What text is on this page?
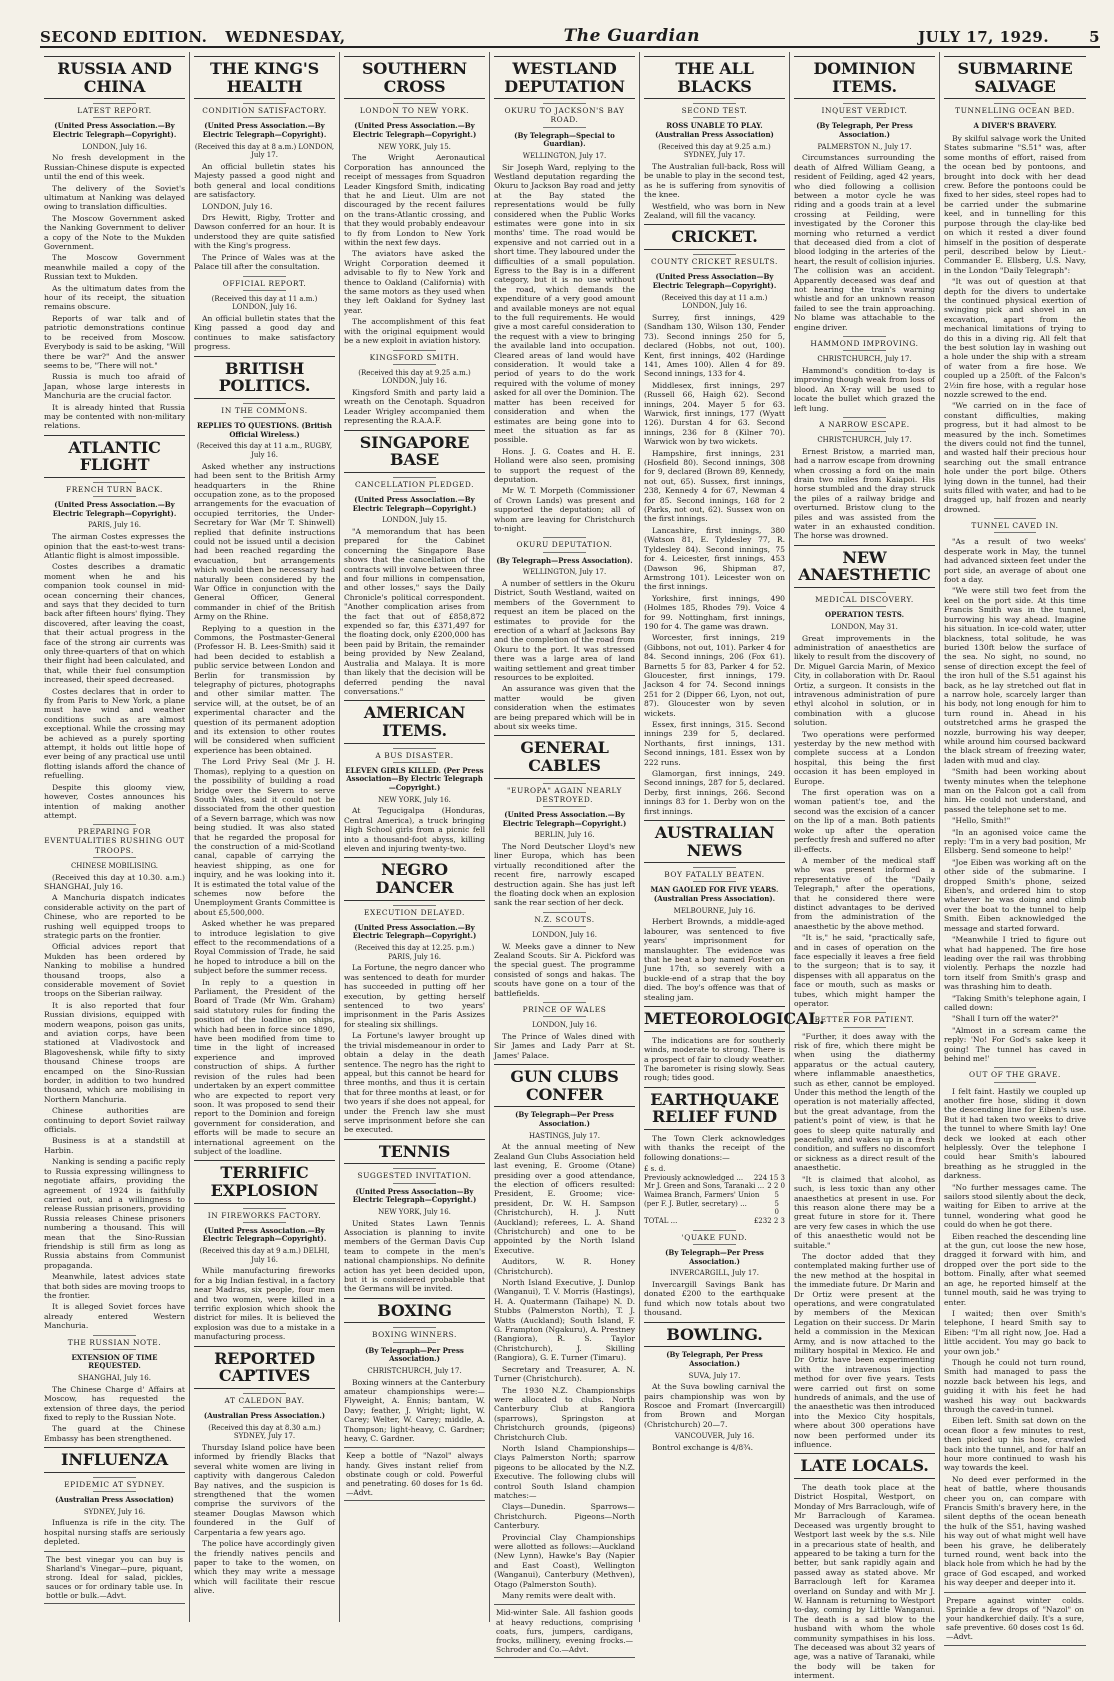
SECOND EDITION. WEDNESDAY,	The Guardian	JULY 17, 1929.	5
RUSSIA AND CHINA
LATEST REPORT.
(United Press Association.—By Electric Telegraph—Copyright).
LONDON, July 16.

No fresh development in the Russian-Chinese dispute is expected until the end of this week.

The delivery of the Soviet's ultimatum at Nanking was delayed owing to translation difficulties.

The Moscow Government asked the Nanking Government to deliver a copy of the Note to the Mukden Government.

The Moscow Government meanwhile mailed a copy of the Russian text to Mukden.

As the ultimatum dates from the hour of its receipt, the situation remains obscure.

Reports of war talk and of patriotic demonstrations continue to be received from Moscow. Everybody is said to be asking, "Will there be war?" And the answer seems to be, "There will not."

Russia is much too afraid of Japan, whose large interests in Manchuria are the crucial factor.

It is already hinted that Russia may be contented with non-military relations.

ATLANTIC FLIGHT
FRENCH TURN BACK.
(United Press Association.—By Electric Telegraph—Copyright).
PARIS, July 16.

The airman Costes expresses the opinion that the east-to-west trans-Atlantic flight is almost impossible.

Costes describes a dramatic moment when he and his companion took counsel in mid-ocean concerning their chances, and says that they decided to turn back after fifteen hours' flying. They discovered, after leaving the coast, that their actual progress in the face of the strong air currents was only three-quarters of that on which their flight had been calculated, and that, while their fuel consumption increased, their speed decreased.

Costes declares that in order to fly from Paris to New York, a plane must have wind and weather conditions such as are almost exceptional. While the crossing may be achieved as a purely sporting attempt, it holds out little hope of ever being of any practical use until flotting islands afford the chance of refuelling.

Despite this gloomy view, however, Costes announces his intention of making another attempt.

PREPARING FOR EVENTUALITIES RUSHING OUT TROOPS.
CHINESE MOBILISING.

(Received this day at 10.30. a.m.) SHANGHAI, July 16.

A Manchuria dispatch indicates considerable activity on the part of Chinese, who are reported to be rushing well equipped troops to strategic parts on the frontier.

Official advices report that Mukden has been ordered by Nanking to mobilise a hundred thousand troops, also a considerable movement of Soviet troops on the Siberian railway.

It is also reported that four Russian divisions, equipped with modern weapons, poison gas units, and aviation corps, have been stationed at Vladivostock and Blagoveshensk, while fifty to sixty thousand Chinese troops are encamped on the Sino-Russian border, in addition to two hundred thousand, which are mobilising in Northern Manchuria.

Chinese authorities are continuing to deport Soviet railway officials.

Business is at a standstill at Harbin.

Nanking is sending a pacific reply to Russia expressing willingness to negotiate affairs, providing the agreement of 1924 is faithfully carried out, and a willingness to release Russian prisoners, providing Russia releases Chinese prisoners numbering a thousand. This will mean that the Sino-Russian friendship is still firm as long as Russia abstains from Communist propaganda.

Meanwhile, latest advices state that both sides are moving troops to the frontier.

It is alleged Soviet forces have already entered Western Manchuria.

THE RUSSIAN NOTE.
EXTENSION OF TIME REQUESTED.
SHANGHAI, July 16.

The Chinese Charge d' Affairs at Moscow, has requested the extension of three days, the period fixed to reply to the Russian Note.

The guard at the Chinese Embassy has been strengthened.

INFLUENZA
EPIDEMIC AT SYDNEY.
(Australian Press Association)
SYDNEY, July 16.

Influenza is rife in the city. The hospital nursing staffs are seriously depleted.

The best vinegar you can buy is Sharland's Vinegar—pure, piquant, strong. Ideal for salad, pickles, sauces or for ordinary table use. In bottle or bulk.—Advt.
THE KING'S HEALTH
CONDITION SATISFACTORY.
(United Press Association.—By Electric Telegraph—Copyright).
(Received this day at 8 a.m.) LONDON, July 17.

An official bulletin states his Majesty passed a good night and both general and local conditions are satisfactory.

LONDON, July 16.

Drs Hewitt, Rigby, Trotter and Dawson conferred for an hour. It is understood they are quite satisfied with the King's progress.

The Prince of Wales was at the Palace till after the consultation.

OFFICIAL REPORT.
(Received this day at 11 a.m.) LONDON, July 16.

An official bulletin states that the King passed a good day and continues to make satisfactory progress.

BRITISH POLITICS.
IN THE COMMONS.
REPLIES TO QUESTIONS. (British Official Wireless.)
(Received this day at 11 a.m., RUGBY, July 16.

Asked whether any instructions had been sent to the British Army headquarters in the Rhine occupation zone, as to the proposed arrangements for the evacuation of occupied territories, the Under-Secretary for War (Mr T. Shinwell) replied that definite instructions could not be issued until a decision had been reached regarding the evacuation, but arrangements which would then be necessary had naturally been considered by the War Office in conjunction with the General Officer, General commander in chief of the British Army on the Rhine.

Replying to a question in the Commons, the Postmaster-General (Professor H. B. Lees-Smith) said it had been decided to establish a public service between London and Berlin for transmission by telegraphy of pictures, photographs and other similar matter. The service will, at the outset, be of an experimental character and the question of its permanent adoption and its extension to other routes will be considered when sufficient experience has been obtained.

The Lord Privy Seal (Mr J. H. Thomas), replying to a question on the possibility of building a road bridge over the Severn to serve South Wales, said it could not be dissociated from the other question of a Severn barrage, which was now being studied. It was also stated that he regarded the proposal for the construction of a mid-Scotland canal, capable of carrying the heaviest shipping, as one for inquiry, and he was looking into it. It is estimated the total value of the schemes now before the Unemployment Grants Committee is about £5,500,000.

Asked whether he was prepared to introduce legislation to give effect to the recommendations of a Royal Commission of Trade, he said he hoped to introduce a bill on the subject before the summer recess.

In reply to a question in Parliament, the President of the Board of Trade (Mr Wm. Graham) said statutory rules for finding the position of the loadline on ships, which had been in force since 1890, have been modified from time to time in the light of increased experience and improved construction of ships. A further revision of the rules had been undertaken by an expert committee who are expected to report very soon. It was proposed to send their report to the Dominion and foreign government for consideration, and efforts will be made to secure an international agreement on the subject of the loadline.

TERRIFIC EXPLOSION
IN FIREWORKS FACTORY.
(United Press Association.—By Electric Telegraph—Copyright).
(Received this day at 9 a.m.) DELHI, July 16.

While manufacturing fireworks for a big Indian festival, in a factory near Madras, six people, four men and two women, were killed in a terrific explosion which shook the district for miles. It is believed the explosion was due to a mistake in a manufacturing process.

REPORTED CAPTIVES
AT CALEDON BAY.
(Australian Press Association.)
(Received this day at 8.30 a.m.) SYDNEY, July 17.

Thursday Island police have been informed by friendly Blacks that several white women are living in captivity with dangerous Caledon Bay natives, and the suspicion is strengthened that the women comprise the survivors of the steamer Douglas Mawson which foundered in the Gulf of Carpentaria a few years ago.

The police have accordingly given the friendly natives pencils and paper to take to the women, on which they may write a message which will facilitate their rescue alive.

SOUTHERN CROSS
LONDON TO NEW YORK.
(United Press Association.—By Electric Telegraph—Copyright.)
NEW YORK, July 15.

The Wright Aeronautical Corporation has announced the receipt of messages from Squadron Leader Kingsford Smith, indicating that he and Lieut. Ulm are not discouraged by the recent failures on the trans-Atlantic crossing, and that they would probably endeavour to fly from London to New York within the next few days.

The aviators have asked the Wright Corporation deemed it advisable to fly to New York and thence to Oakland (California) with the same motors as they used when they left Oakland for Sydney last year.

The accomplishment of this feat with the original equipment would be a new exploit in aviation history.

KINGSFORD SMITH.
(Received this day at 9.25 a.m.) LONDON, July 16.

Kingsford Smith and party laid a wreath on the Cenotaph. Squadron Leader Wrigley accompanied them representing the R.A.A.F.

SINGAPORE BASE
CANCELLATION PLEDGED.
(United Press Association.—By Electric Telegraph—Copyright.)
LONDON, July 15.

"A memorandum that has been prepared for the Cabinet concerning the Singapore Base shows that the cancellation of the contracts will involve between three and four millions in compensation, and other losses," says the Daily Chronicle's political correspondent. "Another complication arises from the fact that out of £858,872 expended so far, this £371,497 for the floating dock, only £200,000 has been paid by Britain, the remainder being provided by New Zealand, Australia and Malaya. It is more than likely that the decision will be deferred pending the naval conversations."

AMERICAN ITEMS.
A BUS DISASTER.
ELEVEN GIRLS KILLED. (Per Press Association—By Electric Telegraph—Copyright.)
NEW YORK, July 16.

At Tegucigalpa (Honduras, Central America), a truck bringing High School girls from a picnic fell into a thousand-foot abyss, killing eleven and injuring twenty-two.

NEGRO DANCER
EXECUTION DELAYED.
(United Press Association.—By Electric Telegraph—Copyright.)
(Received this day at 12.25. p.m.) PARIS, July 16.

La Fortune, the negro dancer who was sentenced to death for murder has succeeded in putting off her execution, by getting herself sentenced to two years' imprisonment in the Paris Assizes for stealing six shillings.

La Fortune's lawyer brought up the trivial misdemeanour in order to obtain a delay in the death sentence. The negro has the right to appeal, but this cannot be heard for three months, and thus it is certain that for three months at least, or for two years if she does not appeal, for under the French law she must serve imprisonment before she can be executed.

TENNIS
SUGGESTED INVITATION.
(United Press Association—By Electric Telegraph—Copyright.)
NEW YORK, July 16.

United States Lawn Tennis Association is planning to invite members of the German Davis Cup team to compete in the men's national championships. No definite action has yet been decided upon, but it is considered probable that the Germans will be invited.

BOXING
BOXING WINNERS.
(By Telegraph—Per Press Association.)
CHRISTCHURCH, July 17.

Boxing winners at the Canterbury amateur championships were:—Flyweight, A. Ennis; bantam, W. Davy; feather, J. Wright; light, W. Carey; Welter, W. Carey; middle, A. Thompson; light-heavy, C. Gardner; heavy, C. Gardner.

Keep a bottle of "Nazol" always handy. Gives instant relief from obstinate cough or cold. Powerful and penetrating. 60 doses for 1s 6d.—Advt.
WESTLAND DEPUTATION
OKURU TO JACKSON'S BAY ROAD.
(By Telegraph—Special to Guardian).
WELLINGTON, July 17.

Sir Joseph Ward, replying to the Westland deputation regarding the Okuru to Jackson Bay road and jetty at the Bay stated the representations would be fully considered when the Public Works estimates were gone into in six months' time. The road would be expensive and not carried out in a short time. They laboured under the difficulties of a small population. Egress to the Bay is in a different category, but it is no use without the road, which demands the expenditure of a very good amount and available moneys are not equal to the full requirements. He would give a most careful consideration to the request with a view to bringing the available land into occupation. Cleared areas of land would have consideration. It would take a period of years to do the work required with the volume of money asked for all over the Dominion. The matter has been received for consideration and when the estimates are being gone into to meet the situation as far as possible.

Hons. J. G. Coates and H. E. Holland were also seen, promising to support the request of the deputation.

Mr W. T. Morpeth (Commissioner of Crown Lands) was present and supported the deputation; all of whom are leaving for Christchurch to-night.

OKURU DEPUTATION.
(By Telegraph—Press Association).
WELLINGTON, July 17.

A number of settlers in the Okuru District, South Westland, waited on members of the Government to request an item be placed on the estimates to provide for the erection of a wharf at Jacksons Bay and the completion of the road from Okuru to the port. It was stressed there was a large area of land waiting settlement and great timber resources to be exploited.

An assurance was given that the matter would be given consideration when the estimates are being prepared which will be in about six weeks time.

GENERAL CABLES
"EUROPA" AGAIN NEARLY DESTROYED.
(United Press Association.—By Electric Telegraph—Copyright.)
BERLIN, July 16.

The Nord Deutscher Lloyd's new liner Europa, which has been virtually reconditioned after the recent fire, narrowly escaped destruction again. She has just left the floating dock when an explosion sank the rear section of her deck.

N.Z. SCOUTS.
LONDON, July 16.

W. Meeks gave a dinner to New Zealand Scouts. Sir A. Pickford was the special guest. The programme consisted of songs and hakas. The scouts have gone on a tour of the battlefields.

PRINCE OF WALES
LONDON, July 16.

The Prince of Wales dined with Sir James and Lady Parr at St. James' Palace.

GUN CLUBS CONFER
(By Telegraph—Per Press Association.)
HASTINGS, July 17.

At the annual meeting of New Zealand Gun Clubs Association held last evening, E. Groome (Otane) presiding over a good attendance, the election of officers resulted: President, E. Groome; vice-president, Dr. W. H. Sampson (Christchurch), H. J. Nutt (Auckland); referees, L. A. Shand (Christchurch) and one to be appointed by the North Island Executive.

Auditors, W. R. Honey (Christchurch).

North Island Executive, J. Dunlop (Wanganui), T. V. Morris (Hastings), H. A. Quatermann (Taihape) N. D. Stubbs (Palmerston North), T. J. Watts (Auckland); South Island, F. G. Frampton (Ngakuru), A. Prestney (Rangiora), R. S. Taylor (Christchurch), J. Skilling (Rangiora), G. E. Turner (Timaru).

Secretary and Treasurer, A. N. Turner (Christchurch).

The 1930 N.Z. Championships were allocated to clubs. North Canterbury Club at Rangiora (sparrows), Springston at Christchurch grounds, (pigeons) Christchurch Club.

North Island Championships—Clays Palmerston North; sparrow pigeons to be allocated by the N.Z. Executive. The following clubs will control South Island champion matches:—

Clays—Dunedin. Sparrows—Christchurch. Pigeons—North Canterbury.

Provincial Clay Championships were allotted as follows:—Auckland (New Lynn), Hawke's Bay (Napier and East Coast), Wellington (Wanganui), Canterbury (Methven), Otago (Palmerston South).

Many remits were dealt with.

Mid-winter Sale. All fashion goods at heavy reductions, comprising coats, furs, jumpers, cardigans, frocks, millinery, evening frocks.—Schroder and Co.—Advt.
THE ALL BLACKS
SECOND TEST.
ROSS UNABLE TO PLAY. (Australian Press Association)
(Received this day at 9.25 a.m.) SYDNEY, July 17.

The Australian full-back, Ross will be unable to play in the second test, as he is suffering from synovitis of the knee.

Westfield, who was born in New Zealand, will fill the vacancy.

CRICKET.
COUNTY CRICKET RESULTS.
(United Press Association—By Electric Telegraph—Copyright).
(Received this day at 11 a.m.) LONDON, July 16.

Surrey, first innings, 429 (Sandham 130, Wilson 130, Fender 73). Second innings 250 for 5, declared (Hobbs, not out, 100). Kent, first innings, 402 (Hardinge 141, Ames 100). Allen 4 for 89. Second innings, 133 for 4.

Middlesex, first innings, 297 (Russell 66, Haigh 62). Second innings, 204. Mayer 5 for 63. Warwick, first innings, 177 (Wyatt 126). Durstan 4 for 63. Second innings, 236 for 8 (Kilner 70). Warwick won by two wickets.

Hampshire, first innings, 231 (Hosfield 80). Second innings, 308 for 9, declared (Brown 89, Kennedy, not out, 65). Sussex, first innings, 238, Kennedy 4 for 67, Newman 4 for 85. Second innings, 168 for 2 (Parks, not out, 62). Sussex won on the first innings.

Lancashire, first innings, 380 (Watson 81, E. Tyldesley 77, R. Tyldesley 84). Second innings, 75 for 4. Leicester, first innings, 453 (Dawson 96, Shipman 87, Armstrong 101). Leicester won on the first innings.

Yorkshire, first innings, 490 (Holmes 185, Rhodes 79). Voice 4 for 99. Nottingham, first innings, 190 for 4. The game was drawn.

Worcester, first innings, 219 (Gibbons, not out, 101). Parker 4 for 84. Second innings, 206 (Fox 61). Barnetts 5 for 83, Parker 4 for 52. Gloucester, first innings, 179. Jackson 4 for 74. Second innings 251 for 2 (Dipper 66, Lyon, not out, 87). Gloucester won by seven wickets.

Essex, first innings, 315. Second innings 239 for 5, declared. Northants, first innings, 131. Second innings, 181. Essex won by 222 runs.

Glamorgan, first innings, 249. Second innings, 287 for 5, declared. Derby, first innings, 266. Second innings 83 for 1. Derby won on the first innings.

AUSTRALIAN NEWS
BOY FATALLY BEATEN.
MAN GAOLED FOR FIVE YEARS. (Australian Press Association).
MELBOURNE, July 16.

Herbert Brownds, a middle-aged labourer, was sentenced to five years' imprisonment for manslaughter. The evidence was that he beat a boy named Foster on June 17th, so severely with a buckle-end of a strap that the boy died. The boy's offence was that of stealing jam.

METEOROLOGICAL.

The indications are for southerly winds, moderate to strong. There is a prospect of fair to cloudy weather. The barometer is rising slowly. Seas rough; tides good.

EARTHQUAKE RELIEF FUND

The Town Clerk acknowledges with thanks the receipt of the following donations:—

£ s. d.
Previously acknowledged ... 224 15 3
Mr J. Green and Sons, Taranaki ... 2 2 0
Waimea Branch, Farmers' Union (per F. J. Butler, secretary) ...
5 5 0
TOTAL ...	£232 2 3
'QUAKE FUND.
(By Telegraph—Per Press Association.)
INVERCARGILL, July 17.

Invercargill Savings Bank has donated £200 to the earthquake fund which now totals about two thousand.

BOWLING.
(By Telegraph, Per Press Association.)
SUVA, July 17.

At the Suva bowling carnival the pairs championship was won by Roscoe and Fromart (Invercargill) from Brown and Morgan (Christchurch) 20—7.

VANCOUVER, July 16.

Bontrol exchange is 4/8¾.

DOMINION ITEMS.
INQUEST VERDICT.
(By Telegraph, Per Press Association.)
PALMERSTON N., July 17.

Circumstances surrounding the death of Alfred William Geang, a resident of Feilding, aged 42 years, who died following a collision between a motor cycle he was riding and a goods train at a level crossing at Feilding, were investigated by the Coroner this morning who returned a verdict that deceased died from a clot of blood lodging in the arteries of the heart, the result of collision injuries. The collision was an accident. Apparently deceased was deaf and not hearing the train's warning whistle and for an unknown reason failed to see the train approaching. No blame was attachable to the engine driver.

HAMMOND IMPROVING.
CHRISTCHURCH, July 17.

Hammond's condition to-day is improving though weak from loss of blood. An X-ray will be used to locate the bullet which grazed the left lung.

A NARROW ESCAPE.
CHRISTCHURCH, July 17.

Ernest Bristow, a married man, had a narrow escape from drowning when crossing a ford on the main drain two miles from Kaiapoi. His horse stumbled and the dray struck the piles of a railway bridge and overturned. Bristow clung to the piles and was assisted from the water in an exhausted condition. The horse was drowned.

NEW ANAESTHETIC
MEDICAL DISCOVERY.
OPERATION TESTS.
LONDON, May 31.

Great improvements in the administration of anaesthetics are likely to result from the discovery of Dr. Miguel Garcia Marin, of Mexico City, in collaboration with Dr. Raoul Ortiz, a surgeon. It consists in the intravenous administration of pure ethyl alcohol in solution, or in combination with a glucose solution.

Two operations were performed yesterday by the new method with complete success at a London hospital, this being the first occasion it has been employed in Europe.

The first operation was on a woman patient's toe, and the second was the excision of a cancer on the lip of a man. Both patients woke up after the operation perfectly fresh and suffered no after ill-effects.

A member of the medical staff who was present informed a representative of the "Daily Telegraph," after the operations, that he considered there were distinct advantages to be derived from the administration of the anaesthetic by the above method.

"It is," he said, "practically safe, and in cases of operation on the face especially it leaves a free field to the surgeon; that is to say, it dispenses with all apparatus on the face or mouth, such as masks or tubes, which might hamper the operator.

BETTER FOR PATIENT.

"Further, it does away with the risk of fire, which there might be when using the diathermy apparatus or the actual cautery, where inflammable anaesthetics, such as ether, cannot be employed. Under this method the length of the operation is not materially affected, but the great advantage, from the patient's point of view, is that he goes to sleep quite naturally and peacefully, and wakes up in a fresh condition, and suffers no discomfort or sickness as a direct result of the anaesthetic.

"It is claimed that alcohol, as such, is less toxic than any other anaesthetics at present in use. For this reason alone there may be a great future in store for it. There are very few cases in which the use of this anaesthetic would not be suitable."

The doctor added that they contemplated making further use of the new method at the hospital in the immediate future. Dr Marin and Dr Ortiz were present at the operations, and were congratulated by members of the Mexican Legation on their success. Dr Marin held a commission in the Mexican Army, and is now attached to the military hospital in Mexico. He and Dr Ortiz have been experimenting with the intravenous injection method for over five years. Tests were carried out first on some hundreds of animals, and the use of the anaesthetic was then introduced into the Mexico City hospitals, where about 300 operations have now been performed under its influence.

LATE LOCALS.

The death took place at the District Hospital, Westport, on Monday of Mrs Barraclough, wife of Mr Barraclough of Karamea. Deceased was urgently brought to Westport last week by the s.s. Nile in a precarious state of health, and appeared to be taking a turn for the better, but sank rapidly again and passed away as stated above. Mr Barraclough left for Karamea overland on Sunday and with Mr J. W. Hannam is returning to Westport to-day, coming by Little Wanganui. The death is a sad blow to the husband with whom the whole community sympathises in his loss. The deceased was about 32 years of age, was a native of Taranaki, while the body will be taken for interment.

SUBMARINE SALVAGE
TUNNELLING OCEAN BED.
A DIVER'S BRAVERY.

By skilful salvage work the United States submarine "S.51" was, after some months of effort, raised from the ocean bed by pontoons, and brought into dock with her dead crew. Before the pontoons could be fixed to her sides, steel ropes had to be carried under the submarine keel, and in tunnelling for this purpose through the clay-like bed on which it rested a diver found himself in the position of desperate peril, described below by Lieut.-Commander E. Ellsberg, U.S. Navy, in the London "Daily Telegraph":

"It was out of question at that depth for the divers to undertake the continued physical exertion of swinging pick and shovel in an excavation, apart from the mechanical limitations of trying to do this in a diving rig. All felt that the best solution lay in washing out a hole under the ship with a stream of water from a fire hose. We coupled up a 250ft. of the Falcon's 2½in fire hose, with a regular hose nozzle screwed to the end.

"We carried on in the face of constant difficulties, making progress, but it had almost to be measured by the inch. Sometimes the divers could not find the tunnel, and wasted half their precious hour searching out the small entrance hole under the port bilge. Others lying down in the tunnel, had their suits filled with water, and had to be dragged up, half frozen and nearly drowned.

TUNNEL CAVED IN.

"As a result of two weeks' desperate work in May, the tunnel had advanced sixteen feet under the port side, an average of about one foot a day.

"We were still two feet from the keel on the port side. At this time Francis Smith was in the tunnel, burrowing his way ahead. Imagine his situation. In ice-cold water, utter blackness, total solitude, he was buried 130ft below the surface of the sea. No sight, no sound, no sense of direction except the feel of the iron hull of the S.51 against his back, as he lay stretched out flat in a narrow hole, scarcely larger than his body, not long enough for him to turn round in. Ahead in his outstretched arms he grasped the nozzle, burrowing his way deeper, while around him coursed backward the black stream of freezing water, laden with mud and clay.

"Smith had been working about twenty minutes when the telephone man on the Falcon got a call from him. He could not understand, and passed the telephone set to me.

"Hello, Smith!"

"In an agonised voice came the reply: 'I'm in a very bad position, Mr Ellsberg. Send someone to help!'

"Joe Eiben was working aft on the other side of the submarine. I dropped Smith's phone, seized Eiben's, and ordered him to stop whatever he was doing and climb over the boat to the tunnel to help Smith. Eiben acknowledged the message and started forward.

"Meanwhile I tried to figure out what had happened. The fire hose leading over the rail was throbbing violently. Perhaps the nozzle had torn itself from Smith's grasp and was thrashing him to death.

"Taking Smith's telephone again, I called down:

"Shall I turn off the water?"

"Almost in a scream came the reply: 'No! For God's sake keep it going! The tunnel has caved in behind me!'

OUT OF THE GRAVE.

I felt faint. Hastily we coupled up another fire hose, sliding it down the descending line for Eiben's use. But it had taken two weeks to drive the tunnel to where Smith lay! One deck we looked at each other helplessly. Over the telephone I could hear Smith's laboured breathing as he struggled in the darkness.

"No further messages came. The sailors stood silently about the deck, waiting for Eiben to arrive at the tunnel, wondering what good he could do when he got there.

Eiben reached the descending line at the gun, cut loose the new hose, dragged it forward with him, and dropped over the port side to the bottom. Finally, after what seemed an age, he reported himself at the tunnel mouth, said he was trying to enter.

I waited; then over Smith's telephone, I heard Smith say to Eiben: "I'm all right now, Joe. Had a little accident. You may go back to your own job."

Though he could not turn round, Smith had managed to pass the nozzle back between his legs, and guiding it with his feet he had washed his way out backwards through the caved-in tunnel.

Eiben left. Smith sat down on the ocean floor a few minutes to rest, then picked up his hose, crawled back into the tunnel, and for half an hour more continued to wash his way towards the keel.

No deed ever performed in the heat of battle, where thousands cheer you on, can compare with Francis Smith's bravery here, in the silent depths of the ocean beneath the hulk of the S51, having washed his way out of what might well have been his grave, he deliberately turned round, went back into the black hole from which he had by the grace of God escaped, and worked his way deeper and deeper into it.

Prepare against winter colds. Sprinkle a few drops of "Nazol" on your handkerchief daily. It's a sure, safe preventive. 60 doses cost 1s 6d.—Advt.
